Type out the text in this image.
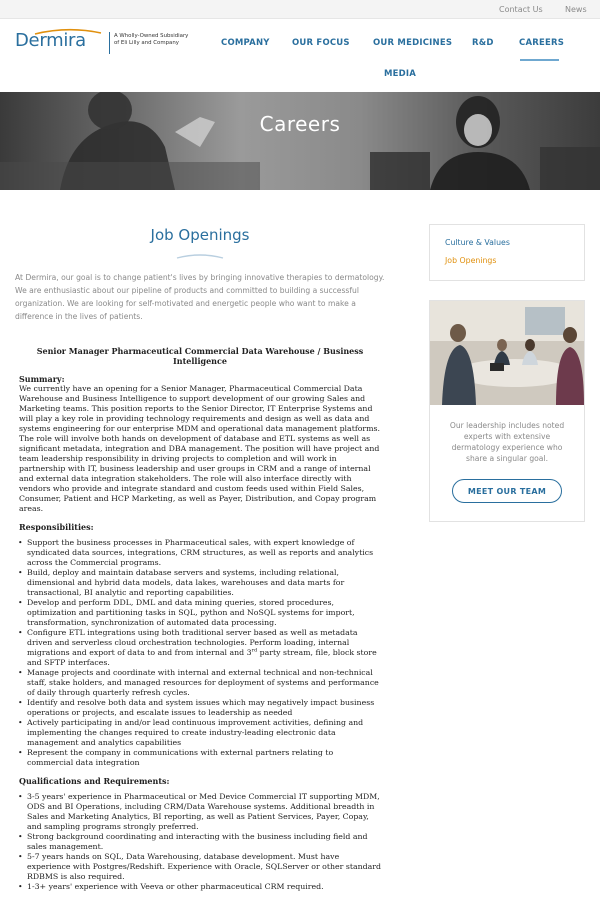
Contact Us	News
Dermira	A Wholly-Owned Subsidiary of Eli Lilly and Company	COMPANY	OUR FOCUS	OUR MEDICINES R&D	CAREERS
MEDIA
Careers
Job Openings

At Dermira, our goal is to change patient's lives by bringing innovative therapies to dermatology. We are enthusiastic about our pipeline of products and committed to building a successful organization. We are looking for self-motivated and energetic people who want to make a difference in the lives of patients.

Senior Manager Pharmaceutical Commercial Data Warehouse / Business Intelligence
Summary:
We currently have an opening for a Senior Manager, Pharmaceutical Commercial Data Warehouse and Business Intelligence to support development of our growing Sales and Marketing teams. This position reports to the Senior Director, IT Enterprise Systems and will play a key role in providing technology requirements and design as well as data and systems engineering for our enterprise MDM and operational data management platforms. The role will involve both hands on development of database and ETL systems as well as significant metadata, integration and DBA management. The position will have project and team leadership responsibility in driving projects to completion and will work in partnership with IT, business leadership and user groups in CRM and a range of internal and external data integration stakeholders. The role will also interface directly with vendors who provide and integrate standard and custom feeds used within Field Sales, Consumer, Patient and HCP Marketing, as well as Payer, Distribution, and Copay program areas.
Responsibilities:
• Support the business processes in Pharmaceutical sales, with expert knowledge of syndicated data sources, integrations, CRM structures, as well as reports and analytics across the Commercial programs.
• Build, deploy and maintain database servers and systems, including relational, dimensional and hybrid data models, data lakes, warehouses and data marts for transactional, BI analytic and reporting capabilities.
• Develop and perform DDL, DML and data mining queries, stored procedures, optimization and partitioning tasks in SQL, python and NoSQL systems for import, transformation, synchronization of automated data processing.
• Configure ETL integrations using both traditional server based as well as metadata driven and serverless cloud orchestration technologies. Perform loading, internal migrations and export of data to and from internal and 3rd party stream, file, block store and SFTP interfaces.
• Manage projects and coordinate with internal and external technical and non-technical staff, stake holders, and managed resources for deployment of systems and performance of daily through quarterly refresh cycles.
• Identify and resolve both data and system issues which may negatively impact business operations or projects, and escalate issues to leadership as needed
• Actively participating in and/or lead continuous improvement activities, defining and implementing the changes required to create industry-leading electronic data management and analytics capabilities
• Represent the company in communications with external partners relating to commercial data integration
Qualifications and Requirements:
• 3-5 years' experience in Pharmaceutical or Med Device Commercial IT supporting MDM, ODS and BI Operations, including CRM/Data Warehouse systems. Additional breadth in Sales and Marketing Analytics, BI reporting, as well as Patient Services, Payer, Copay, and sampling programs strongly preferred.
• Strong background coordinating and interacting with the business including field and sales management.
• 5-7 years hands on SQL, Data Warehousing, database development. Must have experience with Postgres/Redshift. Experience with Oracle, SQLServer or other standard RDBMS is also required.
• 1-3+ years' experience with Veeva or other pharmaceutical CRM required.
Culture & Values
Job Openings

Our leadership includes noted experts with extensive dermatology experience who share a singular goal.

MEET OUR TEAM
